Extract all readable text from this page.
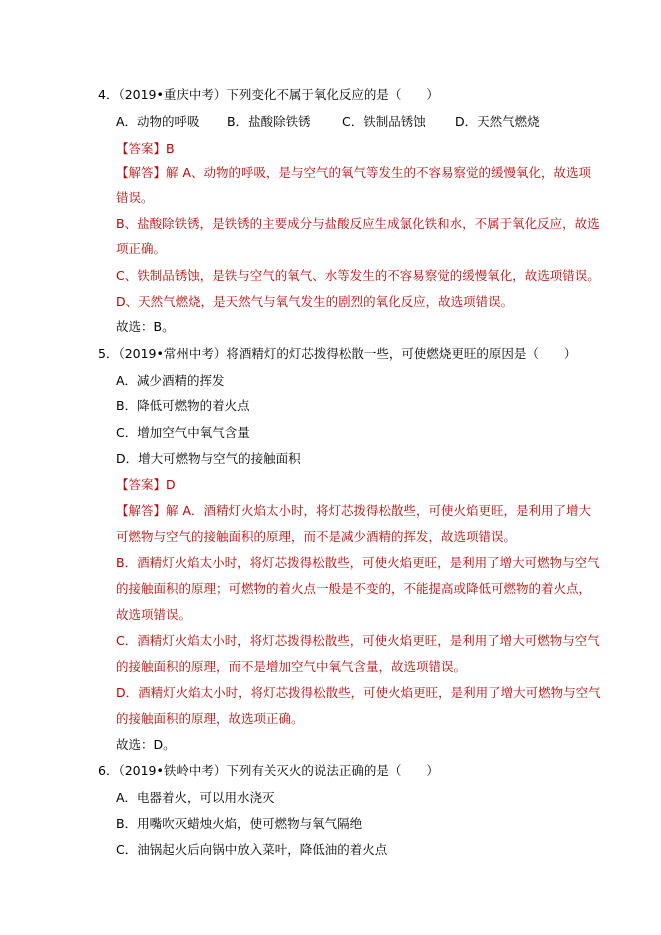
4．（2019•重庆中考）下列变化不属于氧化反应的是（　　）
A．动物的呼吸 B．盐酸除铁锈	C．铁制品锈蚀 D．天然气燃烧
【答案】B
【解答】解 A、动物的呼吸，是与空气的氧气等发生的不容易察觉的缓慢氧化，故选项
错误。
B、盐酸除铁锈，是铁锈的主要成分与盐酸反应生成氯化铁和水，不属于氧化反应，故选
项正确。
C、铁制品锈蚀，是铁与空气的氧气、水等发生的不容易察觉的缓慢氧化，故选项错误。
D、天然气燃烧，是天然气与氧气发生的剧烈的氧化反应，故选项错误。
故选：B。
5．（2019•常州中考）将酒精灯的灯芯拨得松散一些，可使燃烧更旺的原因是（　　）
A．减少酒精的挥发
B．降低可燃物的着火点
C．增加空气中氧气含量
D．增大可燃物与空气的接触面积
【答案】D
【解答】解 A．酒精灯火焰太小时，将灯芯拨得松散些，可使火焰更旺，是利用了增大
可燃物与空气的接触面积的原理，而不是减少酒精的挥发，故选项错误。
B．酒精灯火焰太小时，将灯芯拨得松散些，可使火焰更旺，是利用了增大可燃物与空气
的接触面积的原理；可燃物的着火点一般是不变的，不能提高或降低可燃物的着火点，
故选项错误。
C．酒精灯火焰太小时，将灯芯拨得松散些，可使火焰更旺，是利用了增大可燃物与空气
的接触面积的原理，而不是增加空气中氧气含量，故选项错误。
D．酒精灯火焰太小时，将灯芯拨得松散些，可使火焰更旺，是利用了增大可燃物与空气
的接触面积的原理，故选项正确。
故选：D。
6．（2019•铁岭中考）下列有关灭火的说法正确的是（　　）
A．电器着火，可以用水浇灭
B．用嘴吹灭蜡烛火焰，使可燃物与氧气隔绝
C．油锅起火后向锅中放入菜叶，降低油的着火点
